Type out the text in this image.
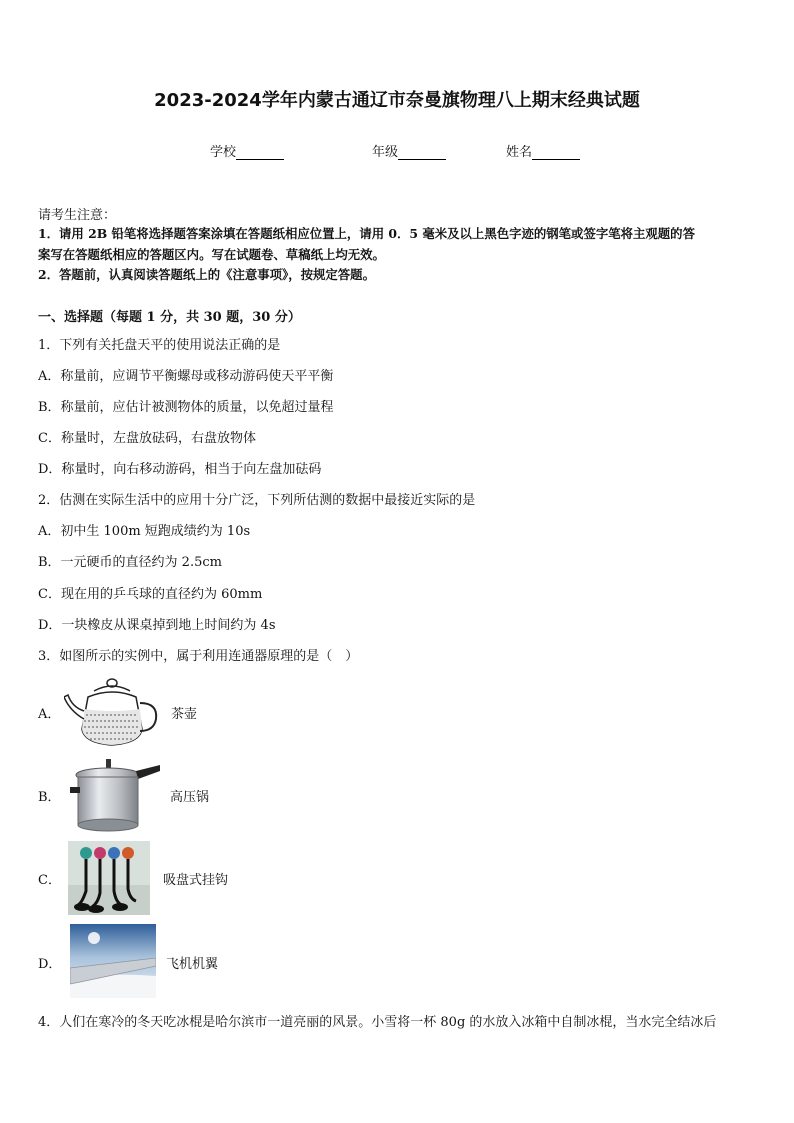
2023-2024学年内蒙古通辽市奈曼旗物理八上期末经典试题
学校	年级	姓名
请考生注意：
1．请用 2B 铅笔将选择题答案涂填在答题纸相应位置上，请用 0．5 毫米及以上黑色字迹的钢笔或签字笔将主观题的答
案写在答题纸相应的答题区内。写在试题卷、草稿纸上均无效。
2．答题前，认真阅读答题纸上的《注意事项》，按规定答题。
一、选择题（每题 1 分，共 30 题，30 分）
1．下列有关托盘天平的使用说法正确的是
A．称量前，应调节平衡螺母或移动游码使天平平衡
B．称量前，应估计被测物体的质量，以免超过量程
C．称量时，左盘放砝码，右盘放物体
D．称量时，向右移动游码，相当于向左盘加砝码
2．估测在实际生活中的应用十分广泛，下列所估测的数据中最接近实际的是
A．初中生 100m 短跑成绩约为 10s
B．一元硬币的直径约为 2.5cm
C．现在用的乒乓球的直径约为 60mm
D．一块橡皮从课桌掉到地上时间约为 4s
3．如图所示的实例中，属于利用连通器原理的是（　）
A．	茶壶
B．	高压锅
C．	吸盘式挂钩
D．	飞机机翼
4．人们在寒冷的冬天吃冰棍是哈尔滨市一道亮丽的风景。小雪将一杯 80g 的水放入冰箱中自制冰棍，当水完全结冰后
